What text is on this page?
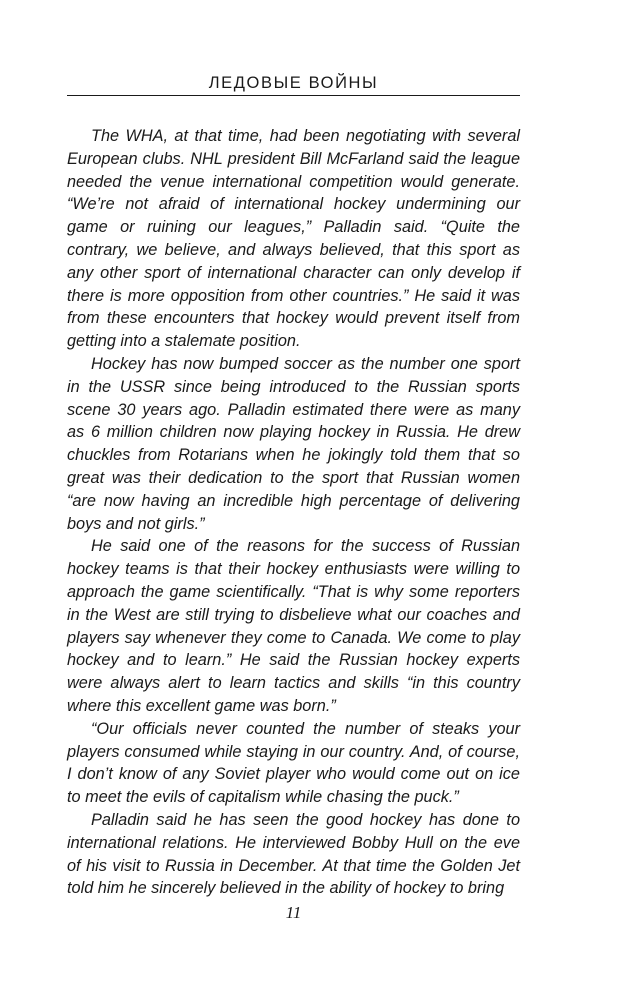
ЛЕДОВЫЕ ВОЙНЫ

The WHA, at that time, had been negotiating with several European clubs. NHL president Bill McFarland said the league needed the venue international competition would generate. “We’re not afraid of international hockey undermining our game or ruining our leagues,” Palladin said. “Quite the contrary, we believe, and always believed, that this sport as any other sport of international character can only develop if there is more opposition from other countries.” He said it was from these encounters that hockey would prevent itself from getting into a stalemate position.

Hockey has now bumped soccer as the number one sport in the USSR since being introduced to the Russian sports scene 30 years ago. Palladin estimated there were as many as 6 million children now playing hockey in Russia. He drew chuckles from Rotarians when he jokingly told them that so great was their dedication to the sport that Russian women “are now having an incredible high percentage of delivering boys and not girls.”

He said one of the reasons for the success of Russian hockey teams is that their hockey enthusiasts were willing to approach the game scientifically. “That is why some reporters in the West are still trying to disbelieve what our coaches and players say whenever they come to Canada. We come to play hockey and to learn.” He said the Russian hockey experts were always alert to learn tactics and skills “in this country where this excellent game was born.”

“Our officials never counted the number of steaks your players consumed while staying in our country. And, of course, I don’t know of any Soviet player who would come out on ice to meet the evils of capitalism while chasing the puck.”

Palladin said he has seen the good hockey has done to international relations. He interviewed Bobby Hull on the eve of his visit to Russia in December. At that time the Golden Jet told him he sincerely believed in the ability of hockey to bring

11
